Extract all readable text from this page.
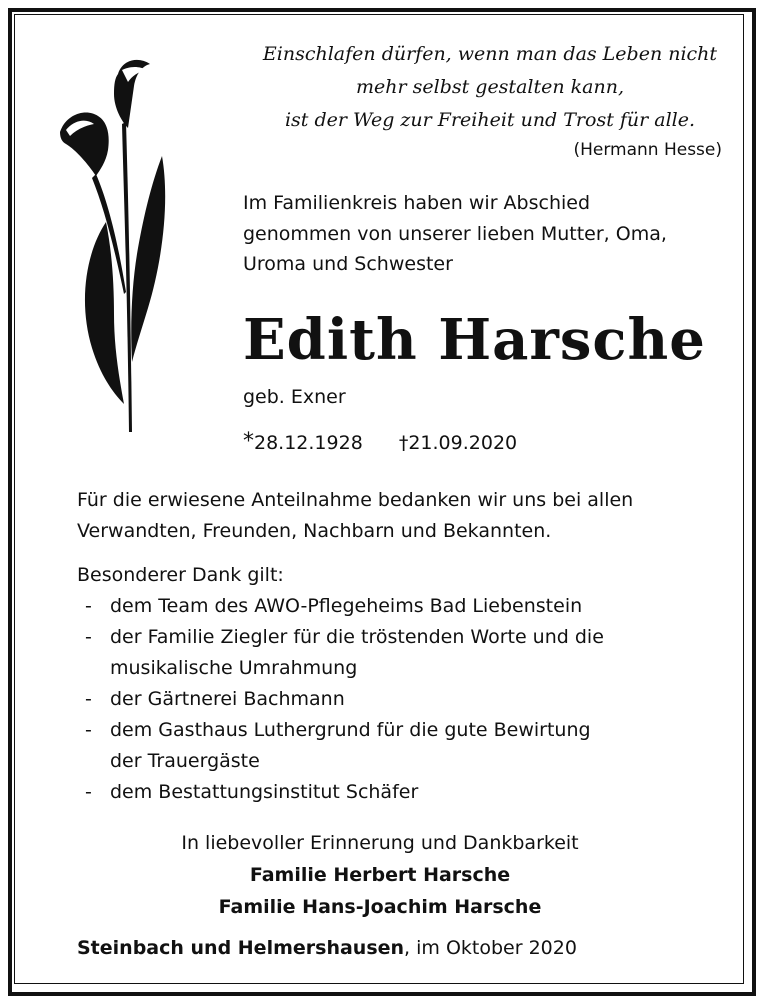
Einschlafen dürfen, wenn man das Leben nicht
mehr selbst gestalten kann,
ist der Weg zur Freiheit und Trost für alle.
(Hermann Hesse)
Im Familienkreis haben wir Abschied
genommen von unserer lieben Mutter, Oma,
Uroma und Schwester
Edith Harsche
geb. Exner
*28.12.1928 †21.09.2020
Für die erwiesene Anteilnahme bedanken wir uns bei allen
Verwandten, Freunden, Nachbarn und Bekannten.
Besonderer Dank gilt:
- dem Team des AWO-Pflegeheims Bad Liebenstein
- der Familie Ziegler für die tröstenden Worte und die
musikalische Umrahmung
- der Gärtnerei Bachmann
- dem Gasthaus Luthergrund für die gute Bewirtung
der Trauergäste
- dem Bestattungsinstitut Schäfer
In liebevoller Erinnerung und Dankbarkeit
Familie Herbert Harsche
Familie Hans-Joachim Harsche
Steinbach und Helmershausen, im Oktober 2020
